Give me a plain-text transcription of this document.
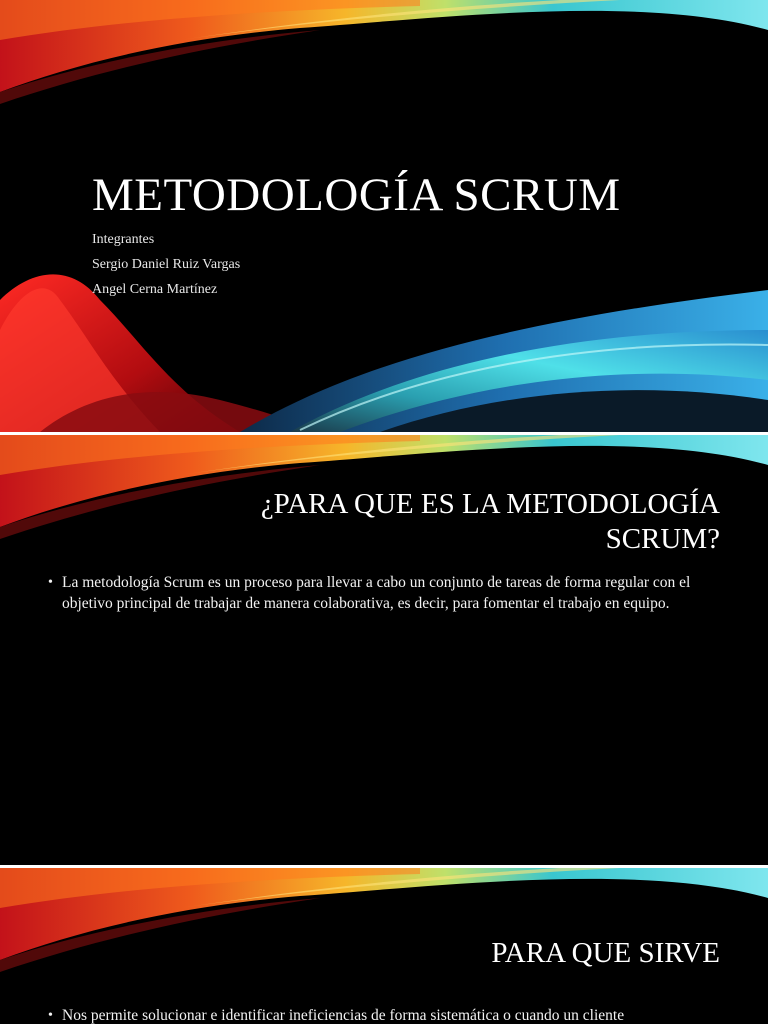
METODOLOGÍA SCRUM
Integrantes
Sergio Daniel Ruiz Vargas
Angel Cerna Martínez
¿PARA QUE ES LA METODOLOGÍA
SCRUM?
• La metodología Scrum es un proceso para llevar a cabo un conjunto de tareas de forma regular con el objetivo principal de trabajar de manera colaborativa, es decir, para fomentar el trabajo en equipo.
PARA QUE SIRVE
• Nos permite solucionar e identificar ineficiencias de forma sistemática o cuando un cliente
